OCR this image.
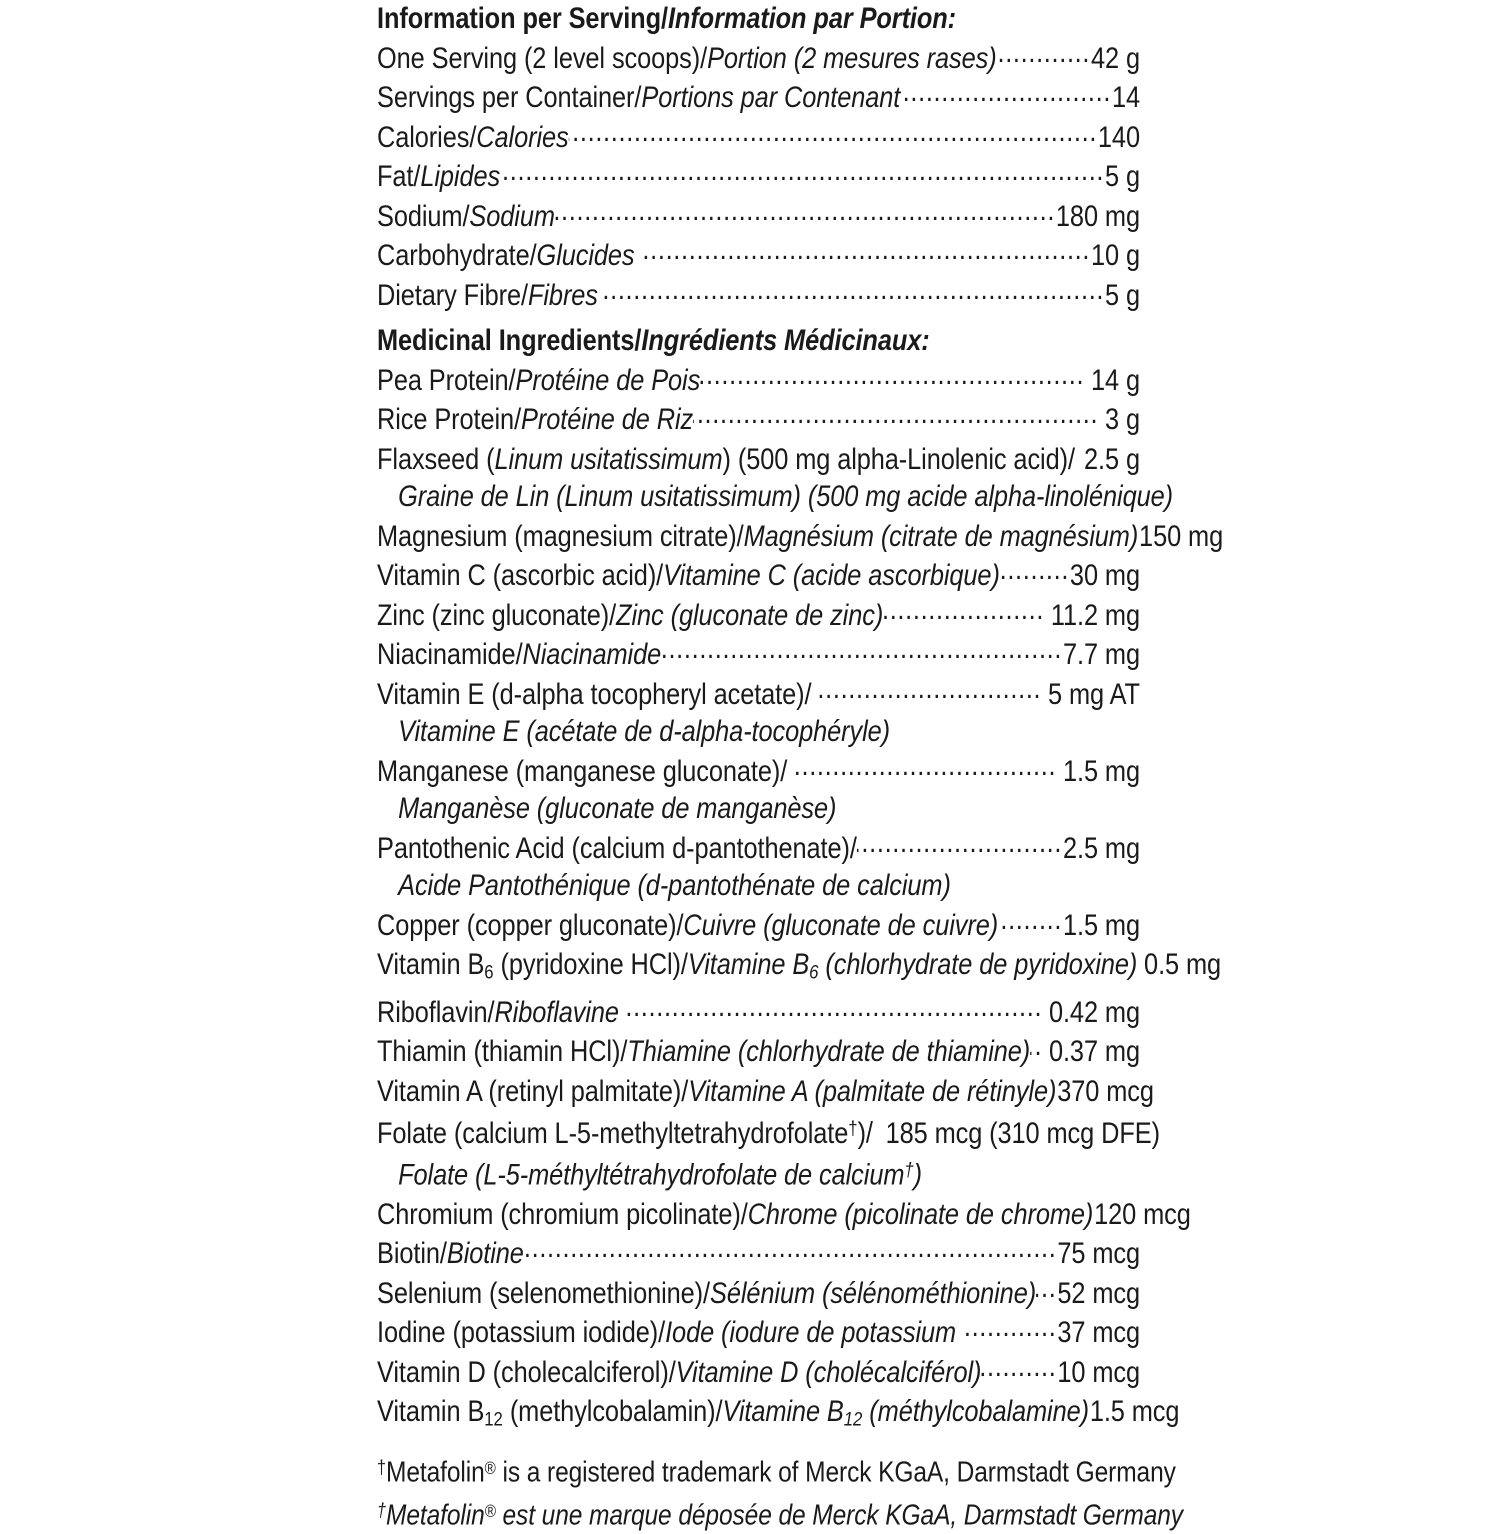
Information per Serving/Information par Portion:
One Serving (2 level scoops)/Portion (2 mesures rases) .....	42 g
Servings per Container/Portions par Contenant .....	14
Calories/Calories .....	140
Fat/Lipides .....	5 g
Sodium/Sodium .....	180 mg
Carbohydrate/Glucides .....	10 g
Dietary Fibre/Fibres .....	5 g
Medicinal Ingredients/Ingrédients Médicinaux:
Pea Protein/Protéine de Pois .....	14 g
Rice Protein/Protéine de Riz .....	3 g
Flaxseed (Linum usitatissimum) (500 mg alpha-Linolenic acid)/ ..... 2.5 g
Graine de Lin (Linum usitatissimum) (500 mg acide alpha-linolénique)
Magnesium (magnesium citrate)/Magnésium (citrate de magnésium) 150 mg
Vitamin C (ascorbic acid)/Vitamine C (acide ascorbique) ..... 30 mg
Zinc (zinc gluconate)/Zinc (gluconate de zinc) .....	11.2 mg
Niacinamide/Niacinamide .....	7.7 mg
Vitamin E (d-alpha tocopheryl acetate)/ .....	5 mg AT
Vitamine E (acétate de d-alpha-tocophéryle)
Manganese (manganese gluconate)/ .....	1.5 mg
Manganèse (gluconate de manganèse)
Pantothenic Acid (calcium d-pantothenate)/ .....	2.5 mg
Acide Pantothénique (d-pantothénate de calcium)
Copper (copper gluconate)/Cuivre (gluconate de cuivre) ..... 1.5 mg
Vitamin $B_6$ (pyridoxine HCl)/Vitamine $B_6$ (chlorhydrate de pyridoxine) 0.5 mg
Riboflavin/Riboflavine .....	0.42 mg
Thiamin (thiamin HCl)/Thiamine (chlorhydrate de thiamine) ..... 0.37 mg
Vitamin A (retinyl palmitate)/Vitamine A (palmitate de rétinyle) 370 mcg
Folate (calcium L-5-methyltetrahydrofolate†)/ 185 mcg (310 mcg DFE)
Folate (L-5-méthyltétrahydrofolate de calcium†)
Chromium (chromium picolinate)/Chrome (picolinate de chrome) 120 mcg
Biotin/Biotine .....	75 mcg
Selenium (selenomethionine)/Sélénium (sélénométhionine) ..... 52 mcg
Iodine (potassium iodide)/Iode (iodure de potassium .....	37 mcg
Vitamin D (cholecalciferol)/Vitamine D (cholécalciférol) .....	10 mcg
Vitamin $B_{12}$ (methylcobalamin)/Vitamine $B_{12}$ (méthylcobalamine) 1.5 mcg
†Metafolin® is a registered trademark of Merck KGaA, Darmstadt Germany
†Metafolin® est une marque déposée de Merck KGaA, Darmstadt Germany
